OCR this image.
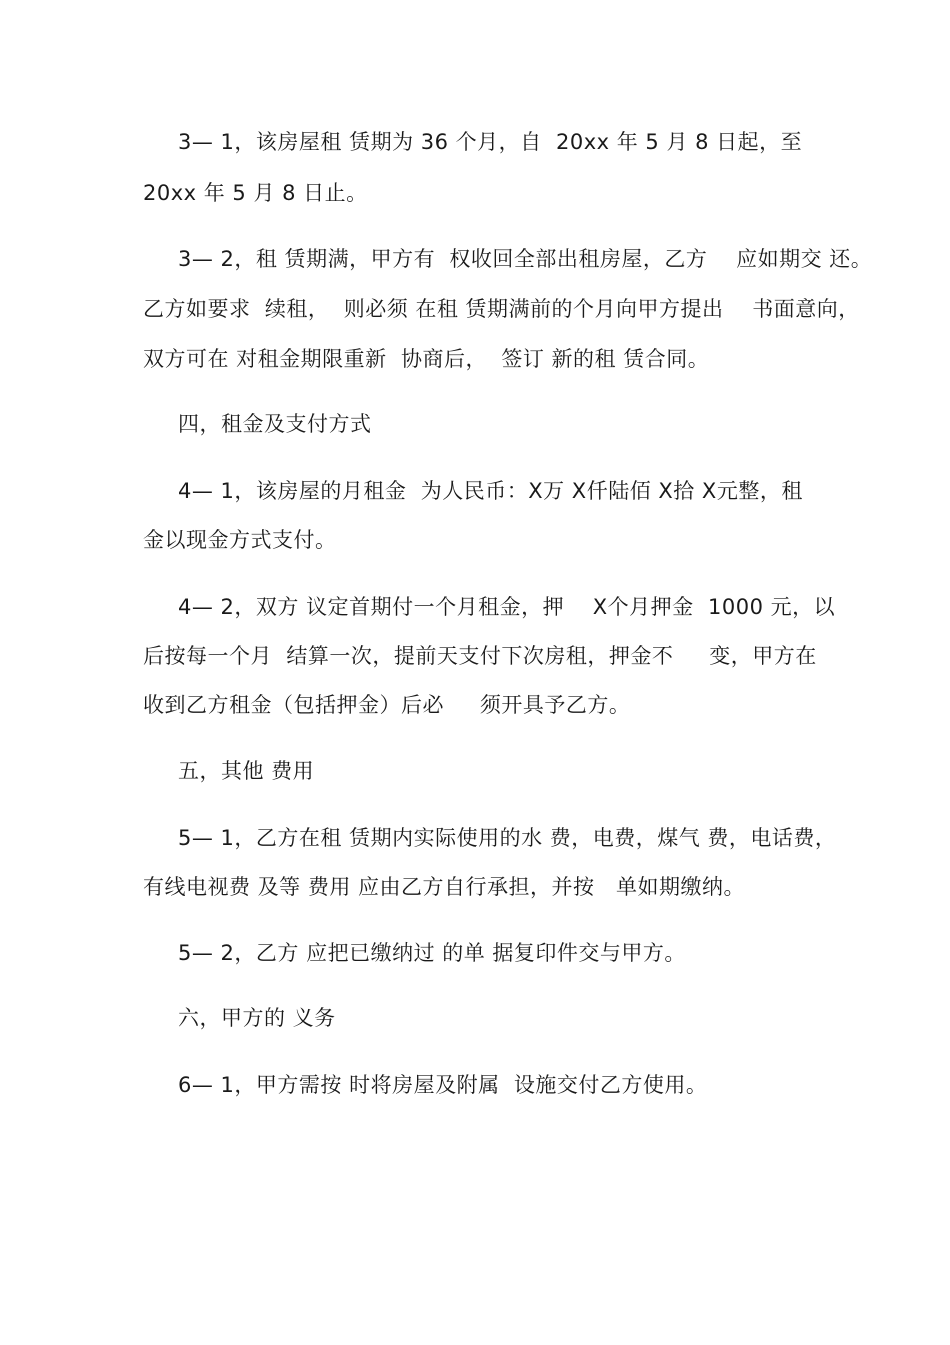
3— 1，该房屋租 赁期为 36 个月，自  20xx 年 5 月 8 日起，至
20xx 年 5 月 8 日止。
3— 2，租 赁期满，甲方有  权收回全部出租房屋，乙方    应如期交 还。
乙方如要求  续租，  则必须 在租 赁期满前的个月向甲方提出    书面意向，
双方可在 对租金期限重新  协商后，  签订 新的租 赁合同。
四，租金及支付方式
4— 1，该房屋的月租金  为人民币：X万 X仟陆佰 X拾 X元整，租
金以现金方式支付。
4— 2，双方 议定首期付一个月租金，押    X个月押金  1000 元，以
后按每一个月  结算一次，提前天支付下次房租，押金不     变，甲方在
收到乙方租金（包括押金）后必     须开具予乙方。
五，其他 费用
5— 1，乙方在租 赁期内实际使用的水 费，电费，煤气 费，电话费，
有线电视费 及等 费用 应由乙方自行承担，并按   单如期缴纳。
5— 2，乙方 应把已缴纳过 的单 据复印件交与甲方。
六，甲方的 义务
6— 1，甲方需按 时将房屋及附属  设施交付乙方使用。
